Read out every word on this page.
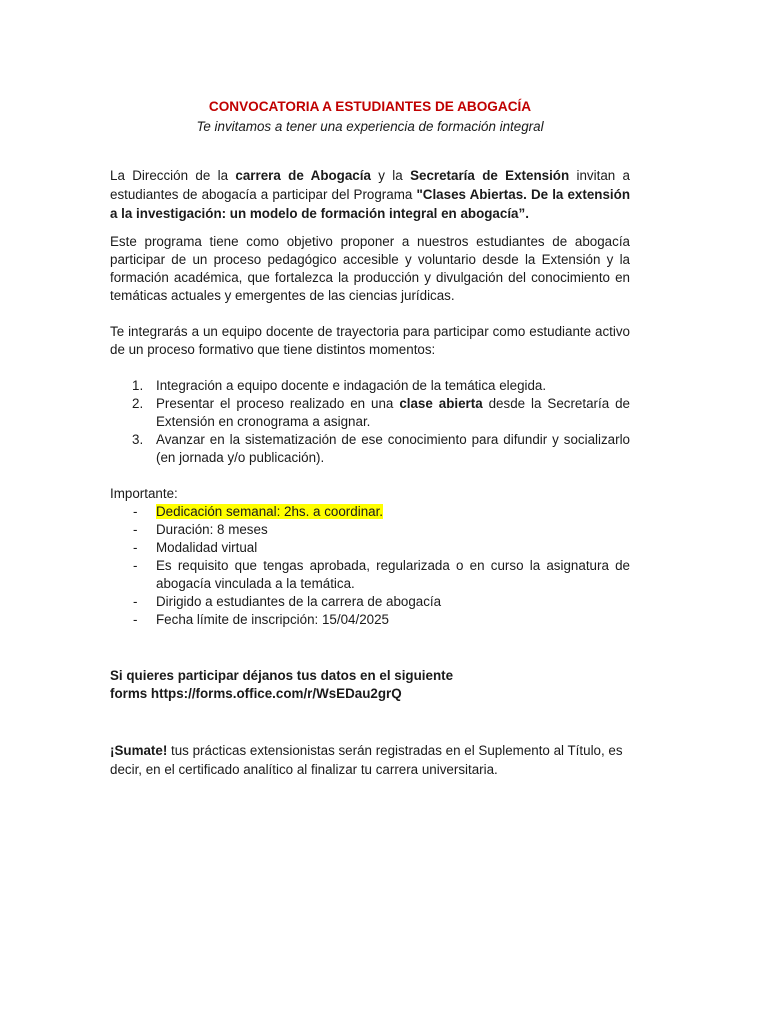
CONVOCATORIA A ESTUDIANTES DE ABOGACÍA
Te invitamos a tener una experiencia de formación integral

La Dirección de la carrera de Abogacía y la Secretaría de Extensión invitan a estudiantes de abogacía a participar del Programa "Clases Abiertas. De la extensión a la investigación: un modelo de formación integral en abogacía”.

Este programa tiene como objetivo proponer a nuestros estudiantes de abogacía participar de un proceso pedagógico accesible y voluntario desde la Extensión y la formación académica, que fortalezca la producción y divulgación del conocimiento en temáticas actuales y emergentes de las ciencias jurídicas.

Te integrarás a un equipo docente de trayectoria para participar como estudiante activo de un proceso formativo que tiene distintos momentos:

1. Integración a equipo docente e indagación de la temática elegida.
2. Presentar el proceso realizado en una clase abierta desde la Secretaría de Extensión en cronograma a asignar.
3. Avanzar en la sistematización de ese conocimiento para difundir y socializarlo (en jornada y/o publicación).

Importante:

- Dedicación semanal: 2hs. a coordinar.
- Duración: 8 meses
- Modalidad virtual
- Es requisito que tengas aprobada, regularizada o en curso la asignatura de abogacía vinculada a la temática.
- Dirigido a estudiantes de la carrera de abogacía
- Fecha límite de inscripción: 15/04/2025

Si quieres participar déjanos tus datos en el siguiente
forms https://forms.office.com/r/WsEDau2grQ

¡Sumate! tus prácticas extensionistas serán registradas en el Suplemento al Título, es decir, en el certificado analítico al finalizar tu carrera universitaria.
